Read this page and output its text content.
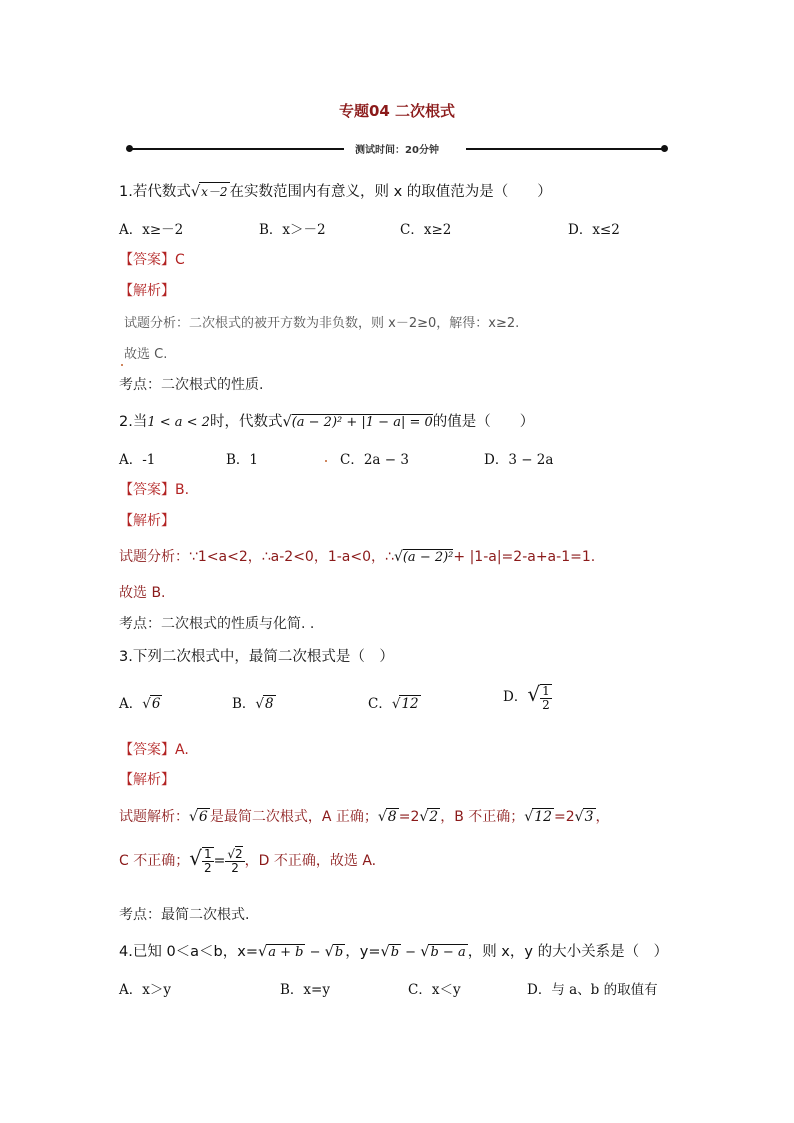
专题04 二次根式
测试时间：20分钟
1.若代数式√x－2 在实数范围内有意义，则 x 的取值范为是（　　）
A．x≥－2	B．x＞－2	C．x≥2	D．x≤2
【答案】C
【解析】
试题分析：二次根式的被开方数为非负数，则 x－2≥0，解得：x≥2.
故选 C.
考点：二次根式的性质.
2.当1 < a < 2时，代数式√(a − 2)² + |1 − a| = 0的值是（　　）
A．-1	B．1	C．2a − 3	D．3 − 2a
【答案】B.
【解析】
试题分析：∵1<a<2，∴a-2<0，1-a<0，∴√(a − 2)²+ |1-a|=2-a+a-1=1.
故选 B.
考点：二次根式的性质与化简. .
3.下列二次根式中，最简二次根式是（　）
A．√6	B．√8	C．√12	D．√ $\frac{1}{2}$
【答案】A.
【解析】
试题解析：√6 是最简二次根式，A 正确；√8 =2√2 ，B 不正确；√12 =2√3 ，
C 不正确；√ $\frac{1}{2} = \frac{√2}{2}$ ，D 不正确，故选 A.
考点：最简二次根式.
4.已知 0＜a＜b，x=√a + b − √b ，y=√b − √b − a ，则 x，y 的大小关系是（　）
A．x＞y	B．x=y	C．x＜y	D．与 a、b 的取值有
